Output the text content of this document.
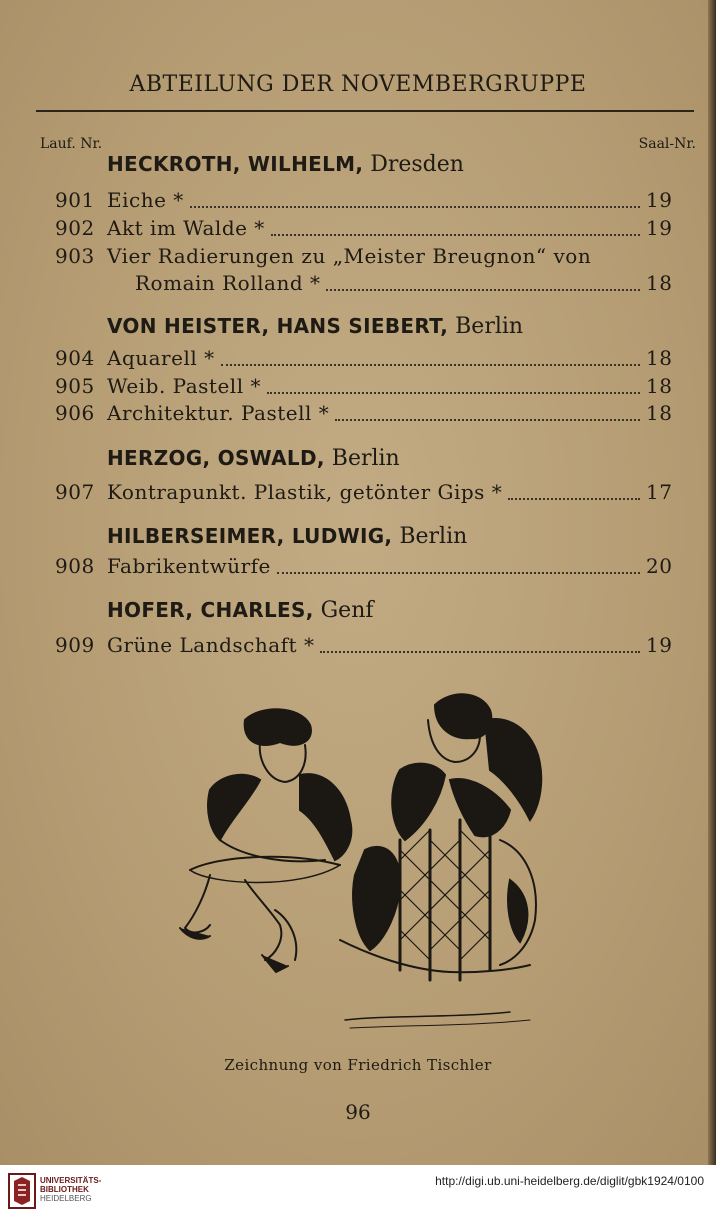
ABTEILUNG DER NOVEMBERGRUPPE
Lauf. Nr.	Saal-Nr.
HECKROTH, WILHELM, Dresden
901 Eiche *	19
902 Akt im Walde *	19
903 Vier Radierungen zu „Meister Breugnon“ von
Romain Rolland *	18
VON HEISTER, HANS SIEBERT, Berlin
904 Aquarell *	18
905 Weib. Pastell *	18
906 Architektur. Pastell *	18
HERZOG, OSWALD, Berlin
907 Kontrapunkt. Plastik, getönter Gips *	17
HILBERSEIMER, LUDWIG, Berlin
908 Fabrikentwürfe	20
HOFER, CHARLES, Genf
909 Grüne Landschaft *	19
Zeichnung von Friedrich Tischler
96
UNIVERSITÄTS-
BIBLIOTHEK
HEIDELBERG
http://digi.ub.uni-heidelberg.de/diglit/gbk1924/0100
